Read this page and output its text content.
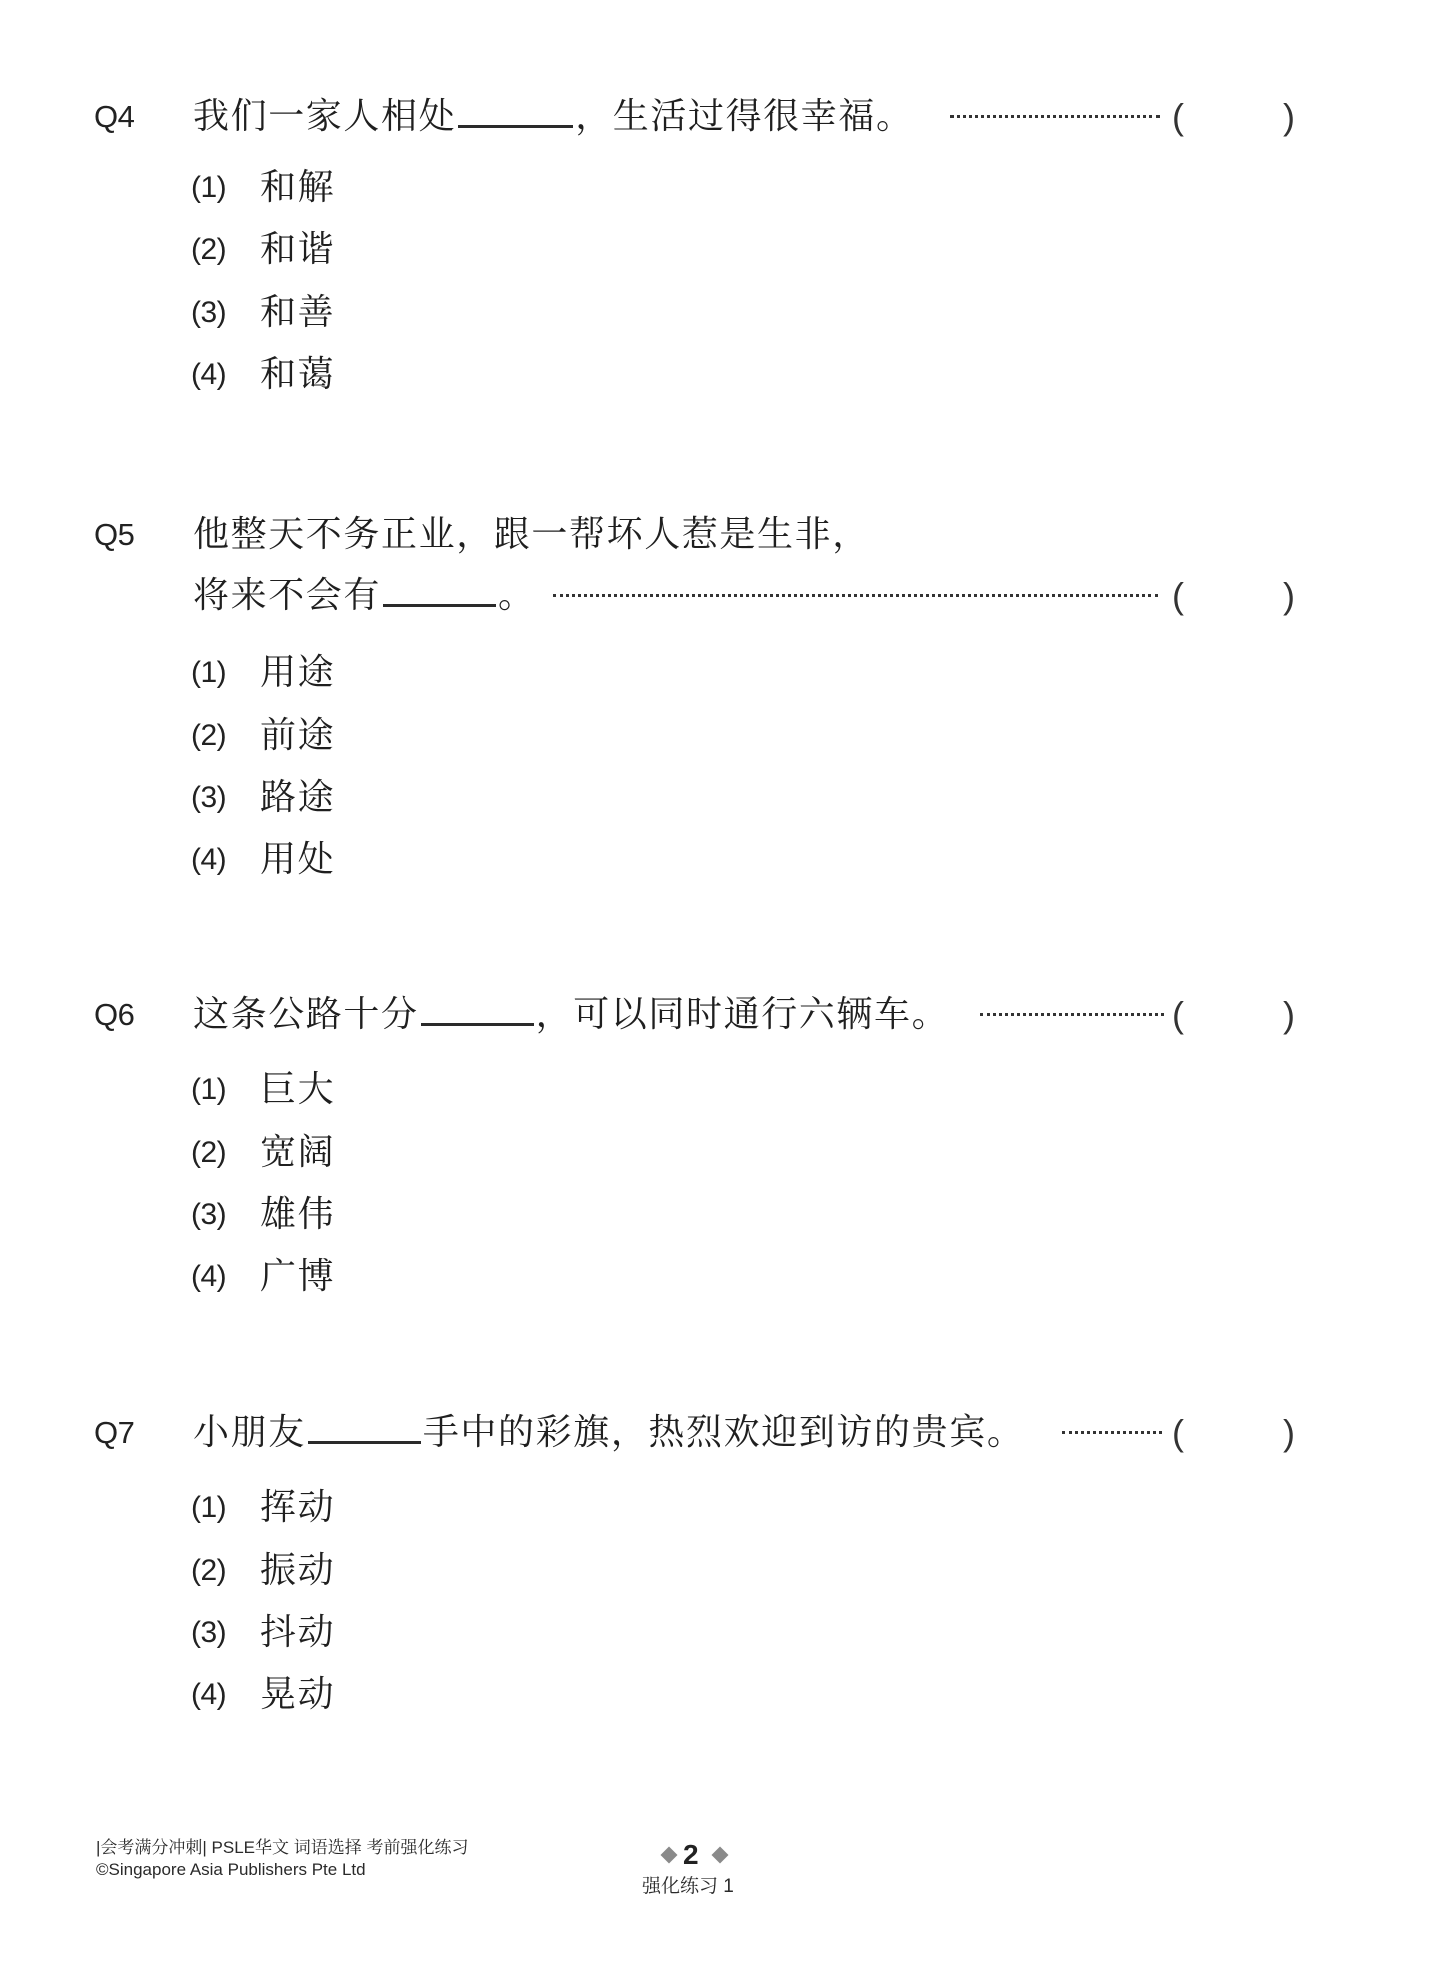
Q4 我们一家人相处	，生活过得很幸福。	(	)
(1) 和解
(2) 和谐
(3) 和善
(4) 和蔼
Q5 他整天不务正业，跟一帮坏人惹是生非，
将来不会有	。	(	)
(1) 用途
(2) 前途
(3) 路途
(4) 用处
Q6 这条公路十分	，可以同时通行六辆车。	(	)
(1) 巨大
(2) 宽阔
(3) 雄伟
(4) 广博
Q7 小朋友	手中的彩旗，热烈欢迎到访的贵宾。	(	)
(1) 挥动
(2) 振动
(3) 抖动
(4) 晃动
|会考满分冲刺| PSLE华文 词语选择 考前强化练习
©Singapore Asia Publishers Pte Ltd	2
强化练习 1
